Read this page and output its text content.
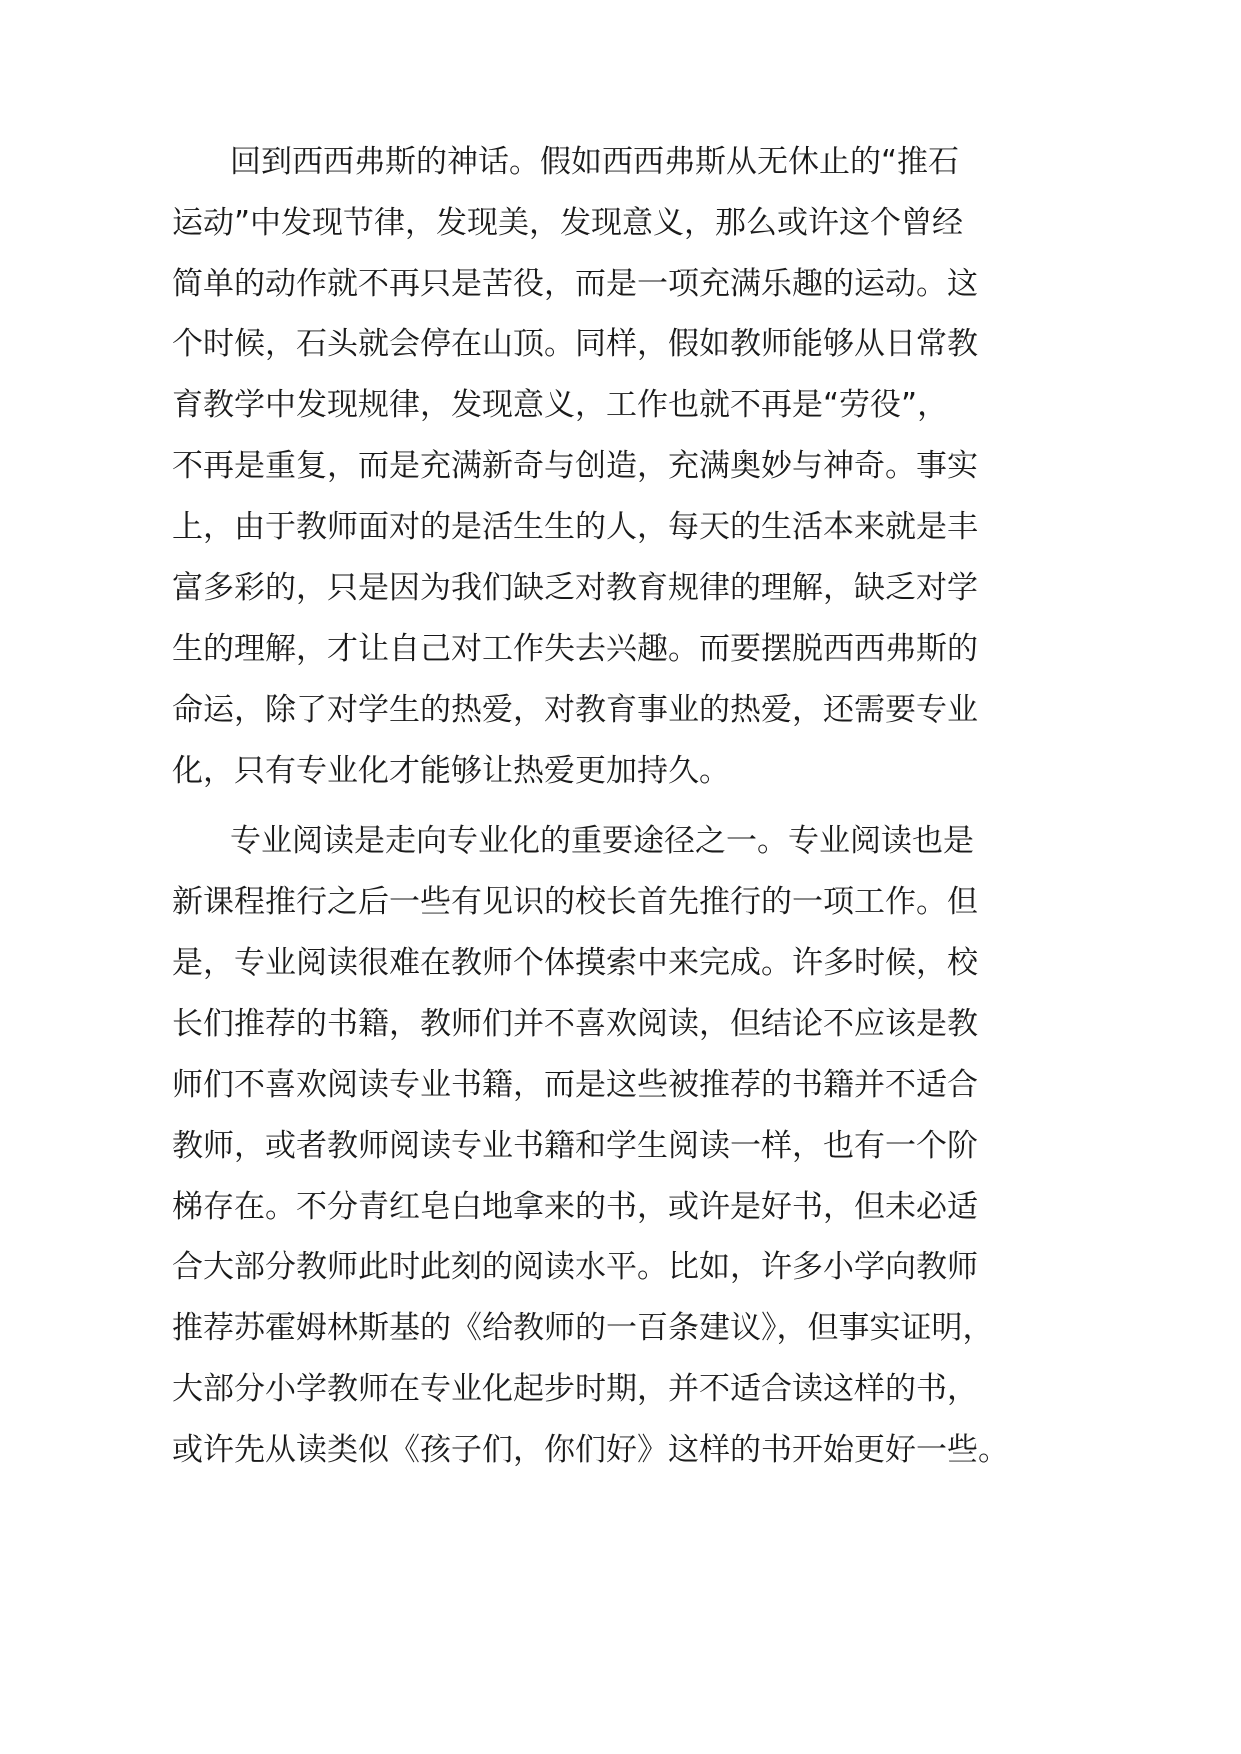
回到西西弗斯的神话。假如西西弗斯从无休止的“推石
运动”中发现节律，发现美，发现意义，那么或许这个曾经
简单的动作就不再只是苦役，而是一项充满乐趣的运动。这
个时候，石头就会停在山顶。同样，假如教师能够从日常教
育教学中发现规律，发现意义，工作也就不再是“劳役”，
不再是重复，而是充满新奇与创造，充满奥妙与神奇。事实
上，由于教师面对的是活生生的人，每天的生活本来就是丰
富多彩的，只是因为我们缺乏对教育规律的理解，缺乏对学
生的理解，才让自己对工作失去兴趣。而要摆脱西西弗斯的
命运，除了对学生的热爱，对教育事业的热爱，还需要专业
化，只有专业化才能够让热爱更加持久。
专业阅读是走向专业化的重要途径之一。专业阅读也是
新课程推行之后一些有见识的校长首先推行的一项工作。但
是，专业阅读很难在教师个体摸索中来完成。许多时候，校
长们推荐的书籍，教师们并不喜欢阅读，但结论不应该是教
师们不喜欢阅读专业书籍，而是这些被推荐的书籍并不适合
教师，或者教师阅读专业书籍和学生阅读一样，也有一个阶
梯存在。不分青红皂白地拿来的书，或许是好书，但未必适
合大部分教师此时此刻的阅读水平。比如，许多小学向教师
推荐苏霍姆林斯基的《给教师的一百条建议》，但事实证明，
大部分小学教师在专业化起步时期，并不适合读这样的书，
或许先从读类似《孩子们，你们好》这样的书开始更好一些。
